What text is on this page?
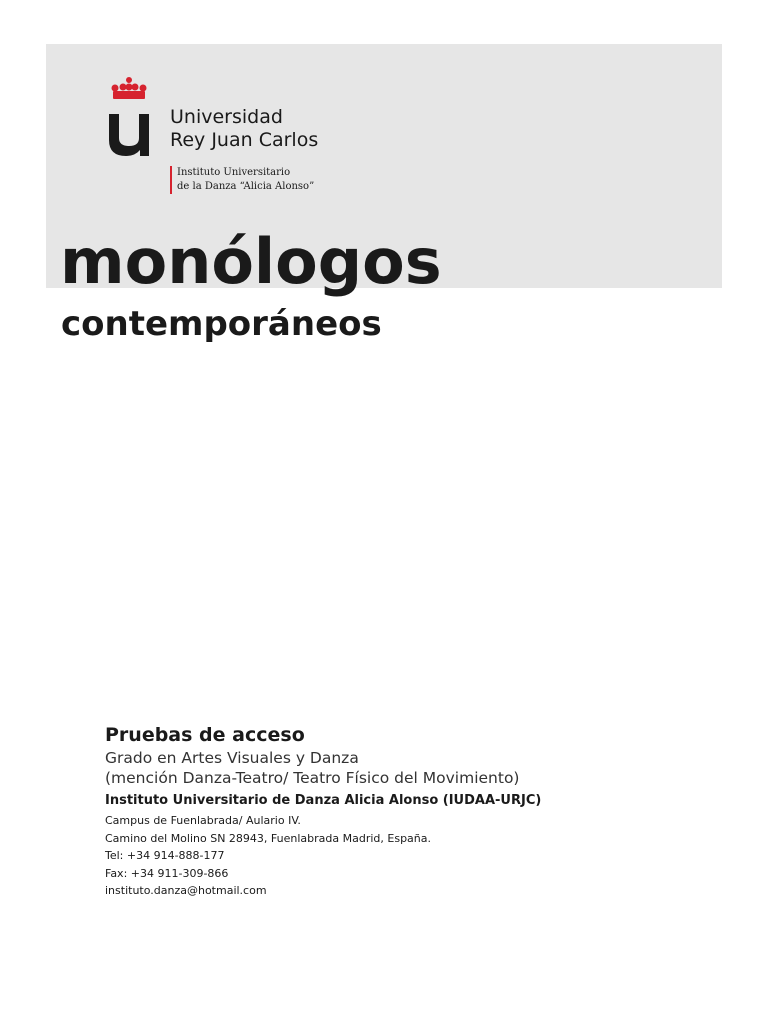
Universidad
Rey Juan Carlos
Instituto Universitario
de la Danza “Alicia Alonso”
monólogos
contemporáneos
Pruebas de acceso
Grado en Artes Visuales y Danza
(mención Danza-Teatro/ Teatro Físico del Movimiento)
Instituto Universitario de Danza Alicia Alonso (IUDAA-URJC)
Campus de Fuenlabrada/ Aulario IV.
Camino del Molino SN 28943, Fuenlabrada Madrid, España.
Tel: +34 914-888-177
Fax: +34 911-309-866
instituto.danza@hotmail.com
